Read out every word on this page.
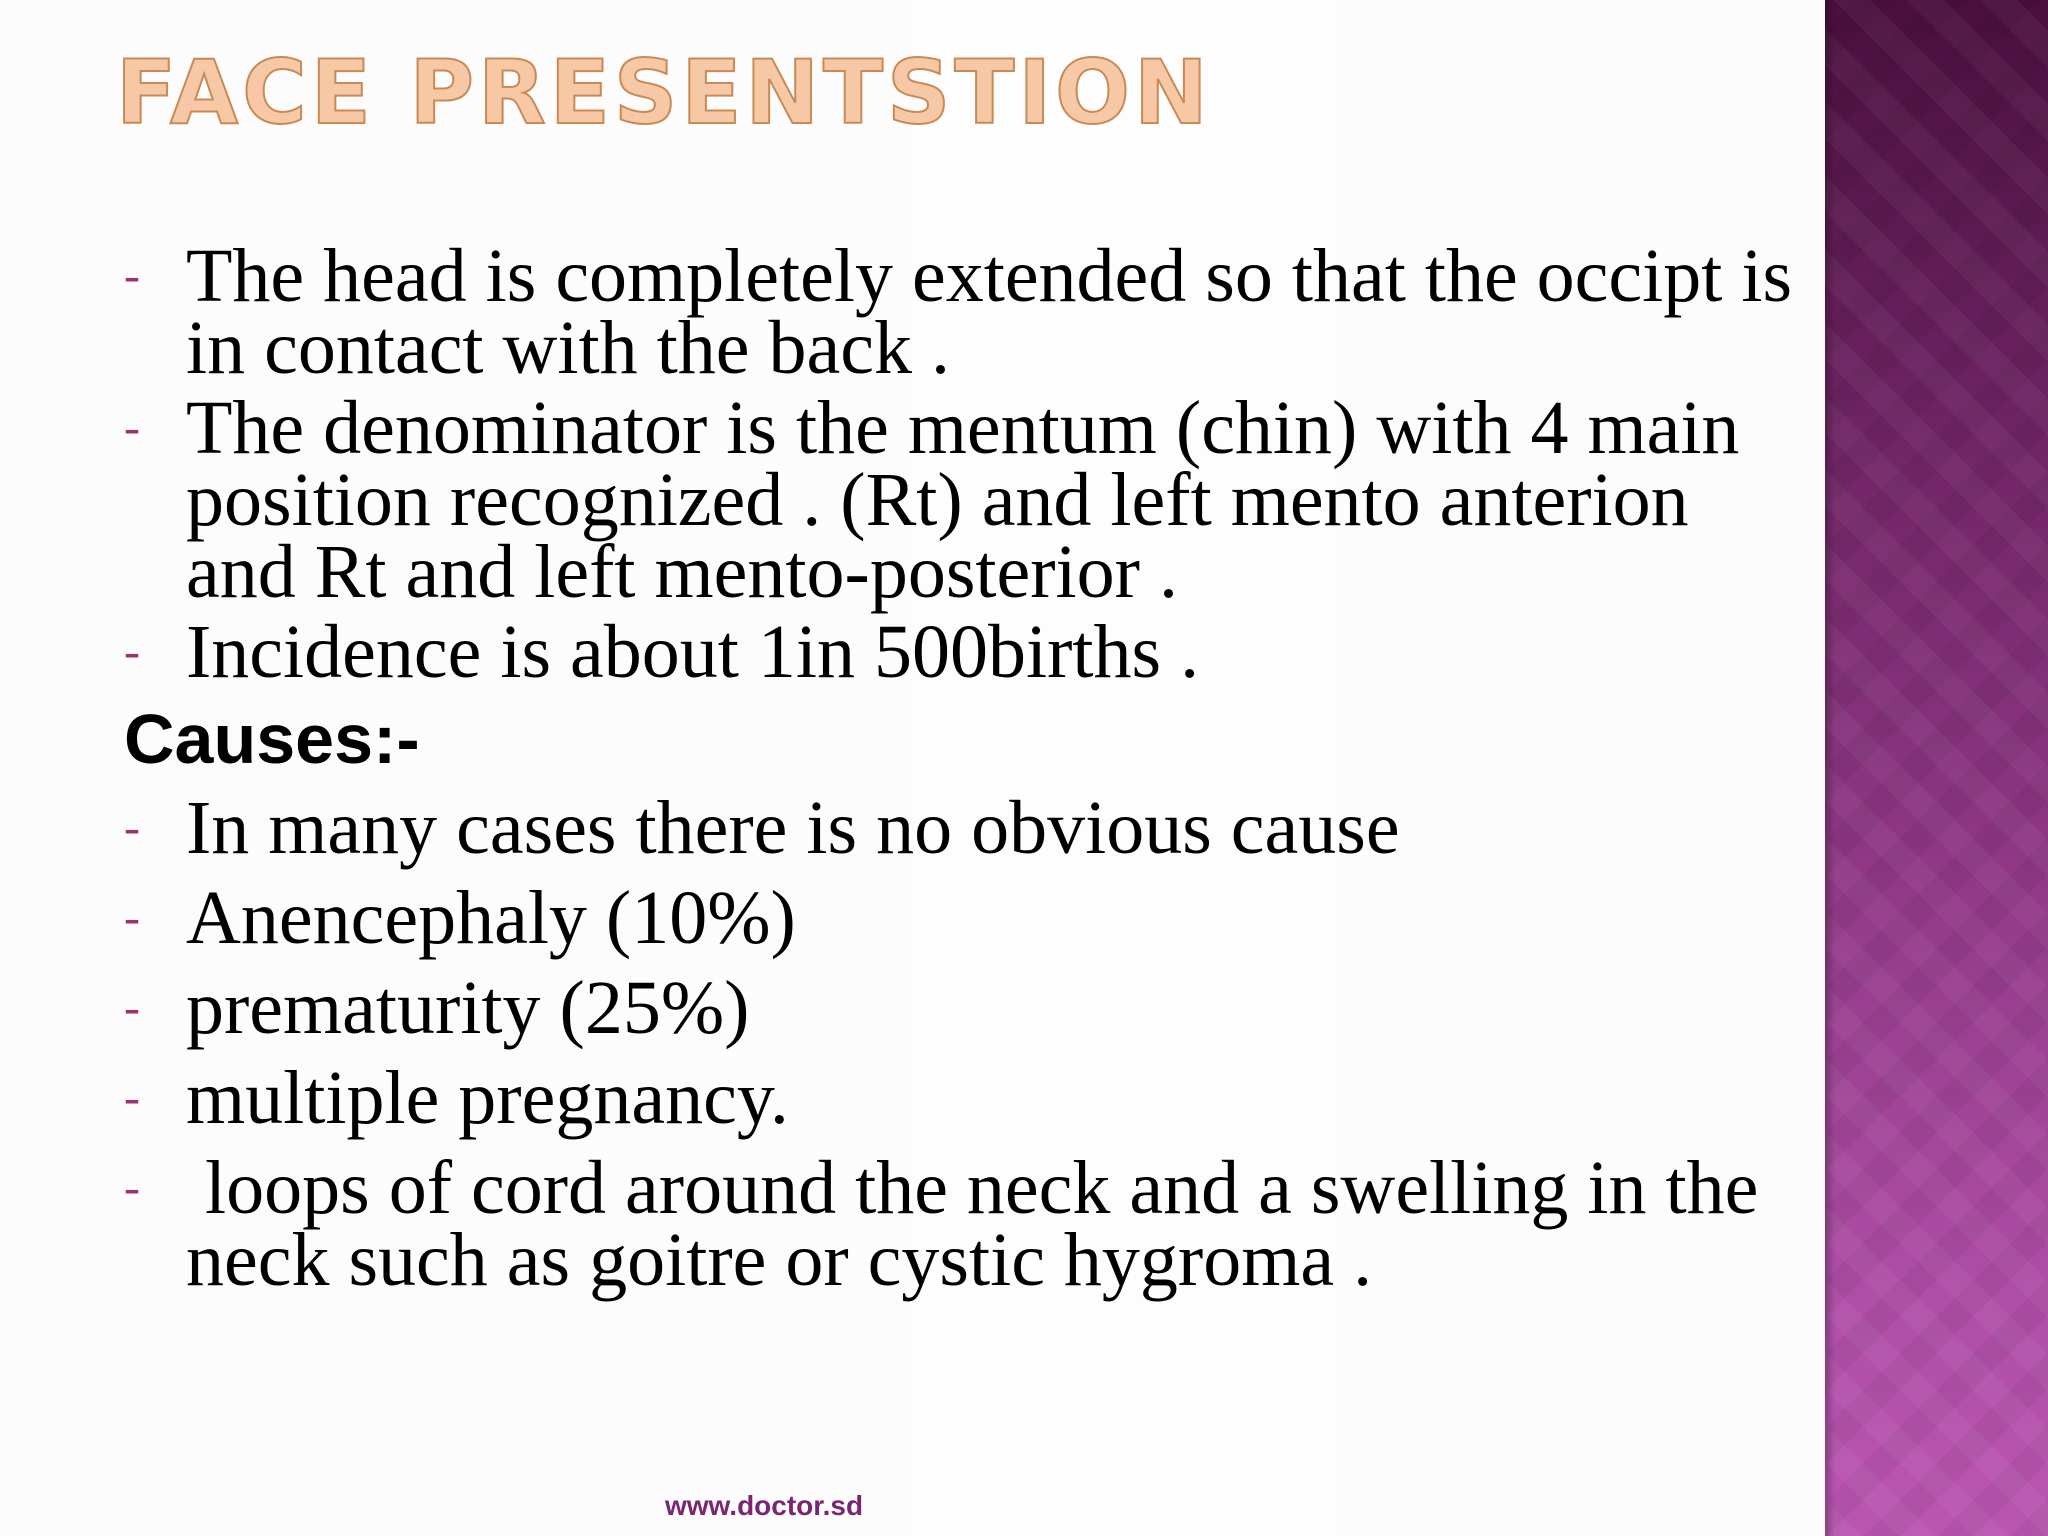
FACE PRESENTSTION
- The head is completely extended so that the occipt is in contact with the back .
- The denominator is the mentum (chin) with 4 main position recognized . (Rt) and left mento anterion and Rt and left mento-posterior .
- Incidence is about 1in 500births .
Causes:-
- In many cases there is no obvious cause
- Anencephaly (10%)
- prematurity (25%)
- multiple pregnancy.
- loops of cord around the neck and a swelling in the neck such as goitre or cystic hygroma .
www.doctor.sd
